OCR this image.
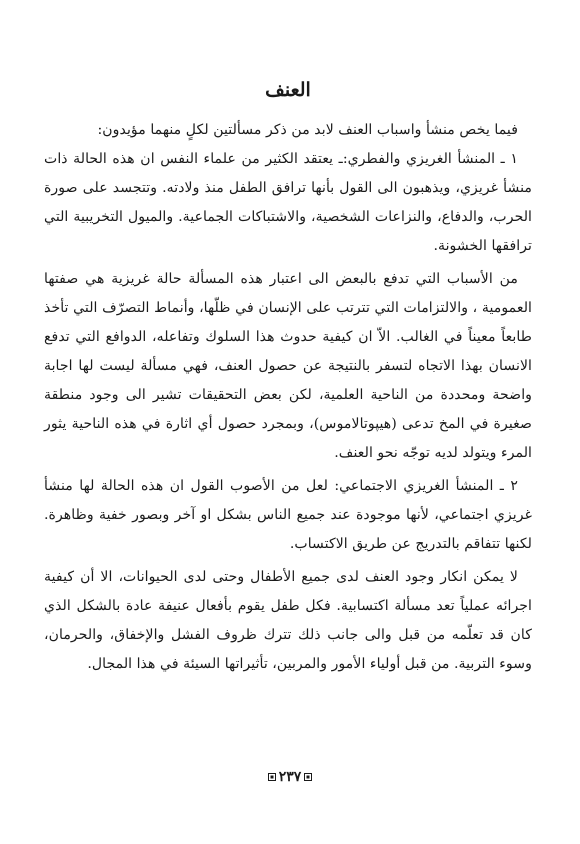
العنف

فيما يخص منشأ واسباب العنف لابد من ذكر مسألتين لكلٍ منهما مؤيدون:

١ ـ المنشأ الغريزي والفطري:ـ يعتقد الكثير من علماء النفس ان هذه الحالة ذات منشأ غريزي، ويذهبون الى القول بأنها ترافق الطفل منذ ولادته. وتتجسد على صورة الحرب، والدفاع، والنزاعات الشخصية، والاشتباكات الجماعية. والميول التخريبية التي ترافقها الخشونة.

من الأسباب التي تدفع بالبعض الى اعتبار هذه المسألة حالة غريزية هي صفتها العمومية ، والالتزامات التي تترتب على الإنسان في ظلّها، وأنماط التصرّف التي تأخذ طابعاً معيناً في الغالب. الاّ ان كيفية حدوث هذا السلوك وتفاعله، الدوافع التي تدفع الانسان بهذا الاتجاه لتسفر بالنتيجة عن حصول العنف، فهي مسألة ليست لها اجابة واضحة ومحددة من الناحية العلمية، لكن بعض التحقيقات تشير الى وجود منطقة صغيرة في المخ تدعى (هيپوتالاموس)، وبمجرد حصول أي اثارة في هذه الناحية يثور المرء ويتولد لديه توجّه نحو العنف.

٢ ـ المنشأ الغريزي الاجتماعي: لعل من الأصوب القول ان هذه الحالة لها منشأ غريزي اجتماعي، لأنها موجودة عند جميع الناس بشكل او آخر وبصور خفية وظاهرة. لكنها تتفاقم بالتدريج عن طريق الاكتساب.

لا يمكن انكار وجود العنف لدى جميع الأطفال وحتى لدى الحيوانات، الا أن كيفية اجرائه عملياً تعد مسألة اكتسابية. فكل طفل يقوم بأفعال عنيفة عادة بالشكل الذي كان قد تعلّمه من قبل والى جانب ذلك تترك ظروف الفشل والإخفاق، والحرمان، وسوء التربية. من قبل أولياء الأمور والمربين، تأثيراتها السيئة في هذا المجال.

٢٣٧
